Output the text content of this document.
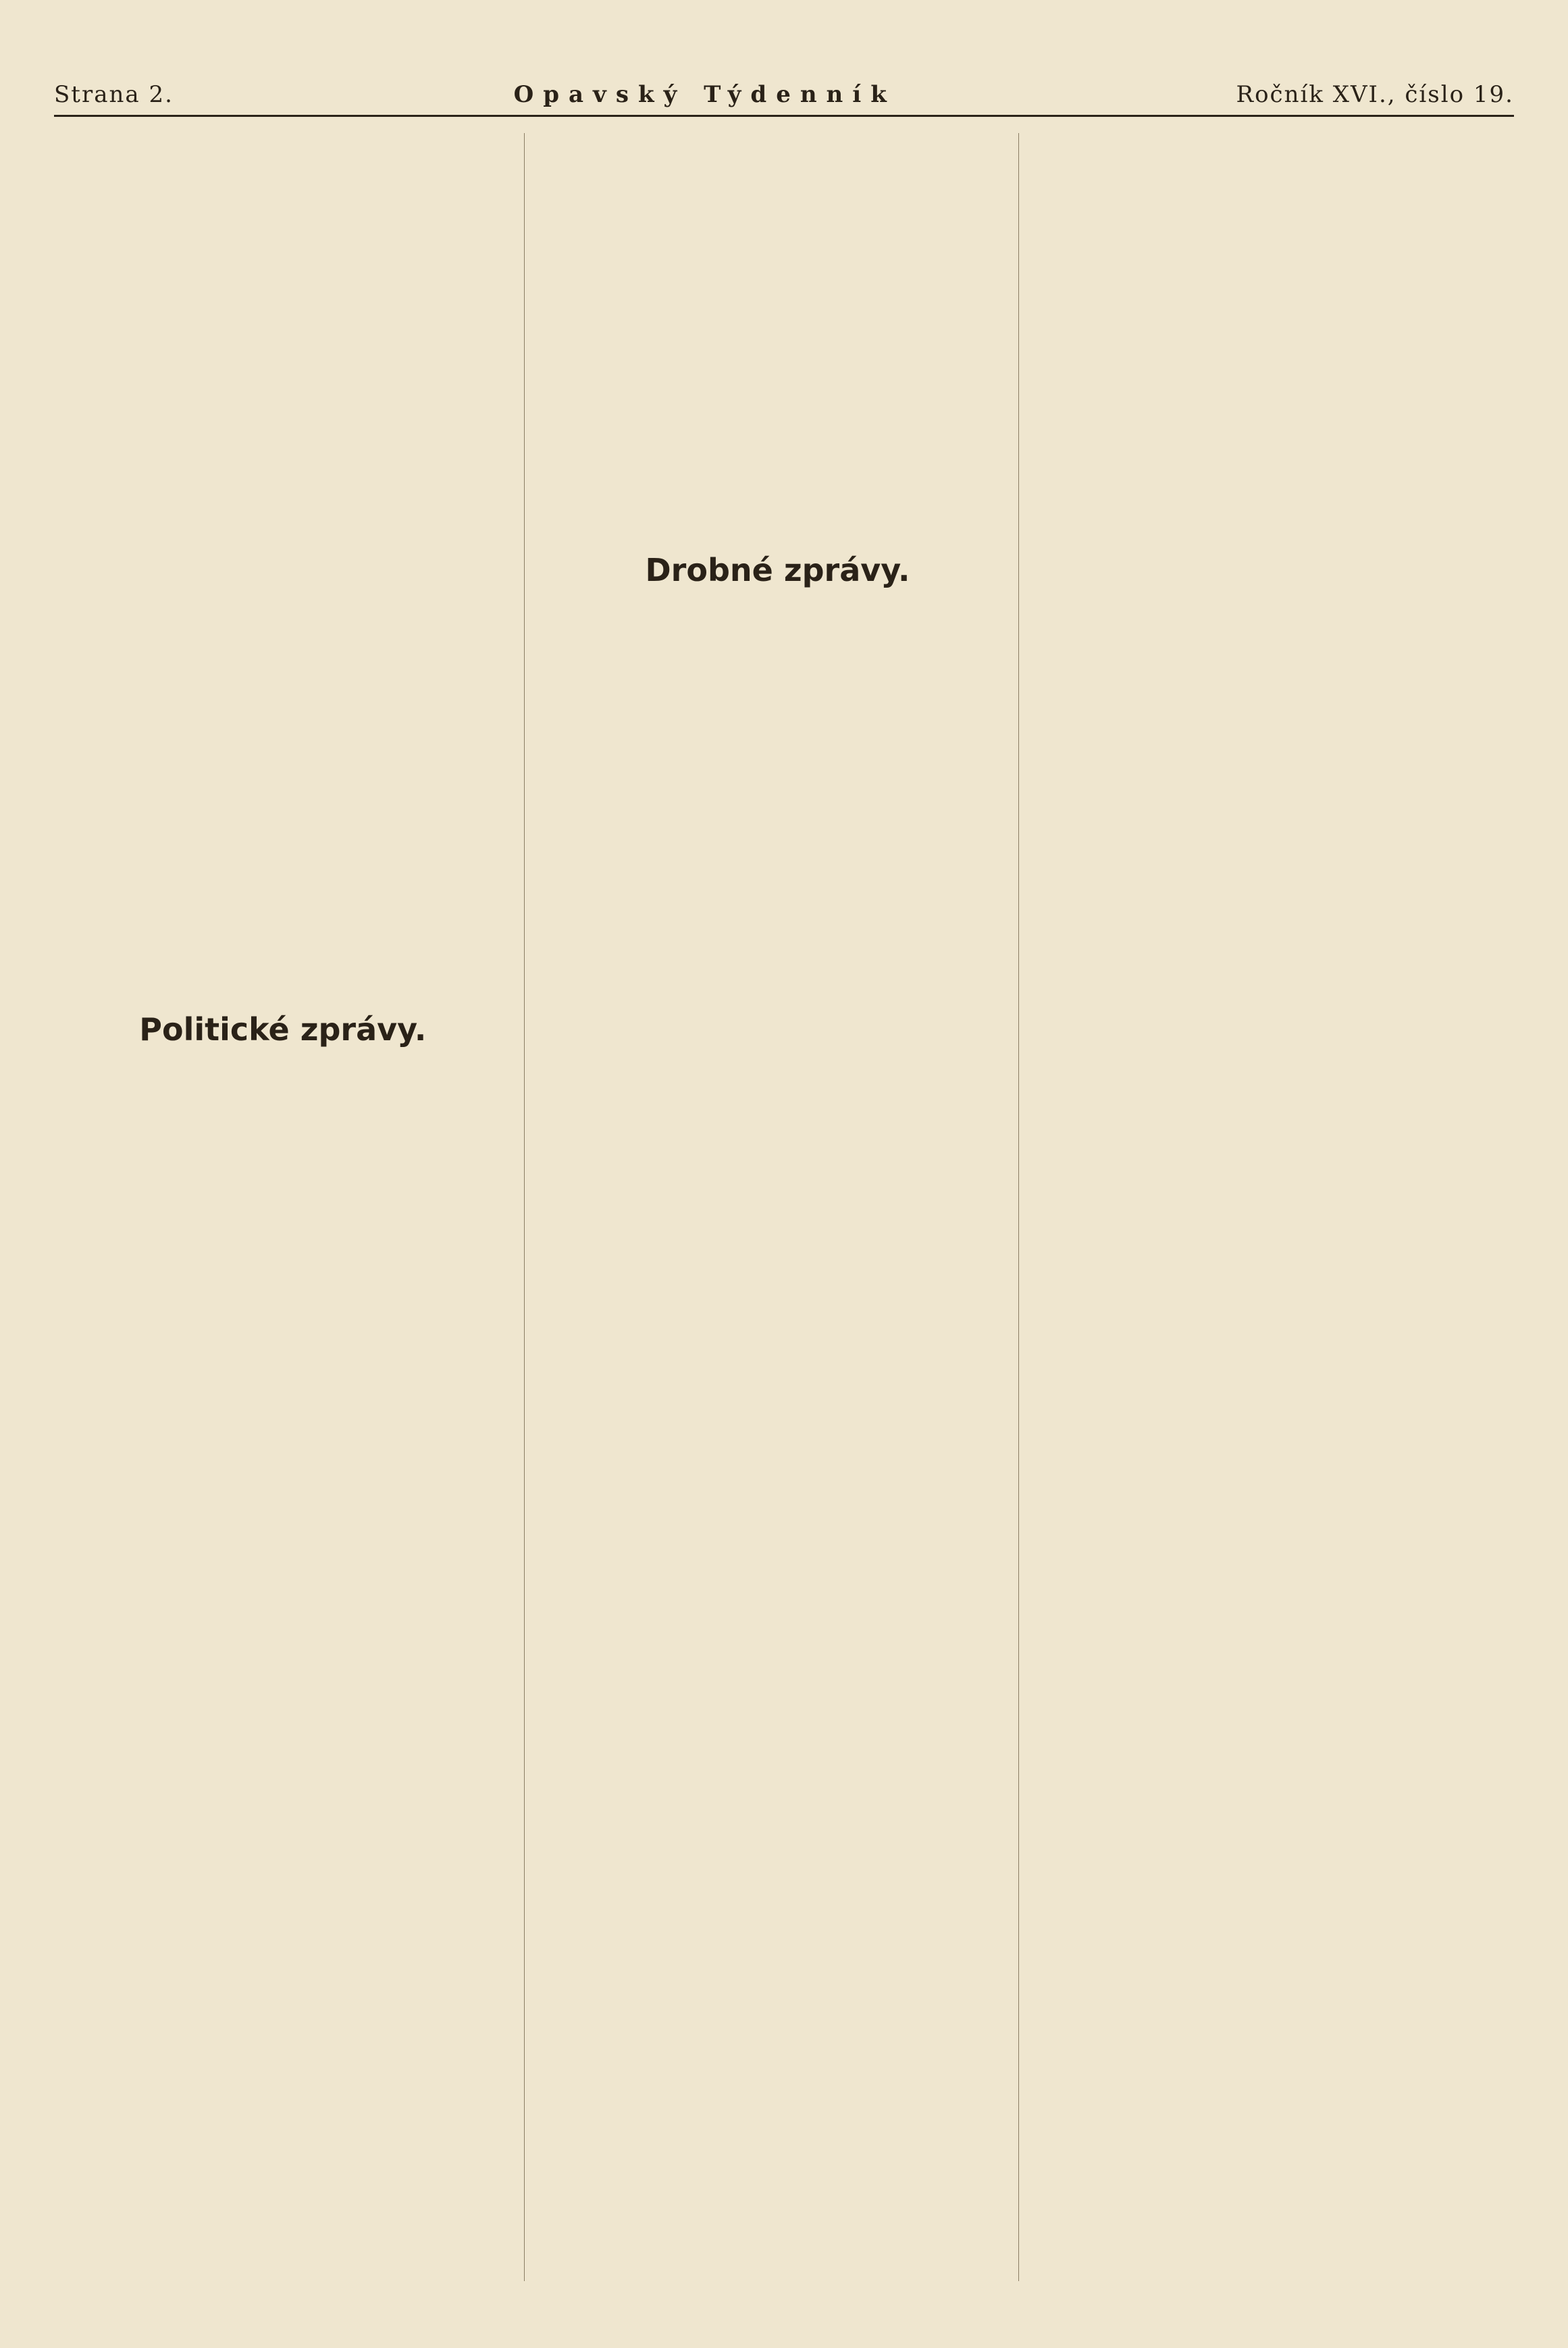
Strana 2.	Opavský Týdenník	Ročník XVI., číslo 19.
Politické zprávy.
Drobné zprávy.
